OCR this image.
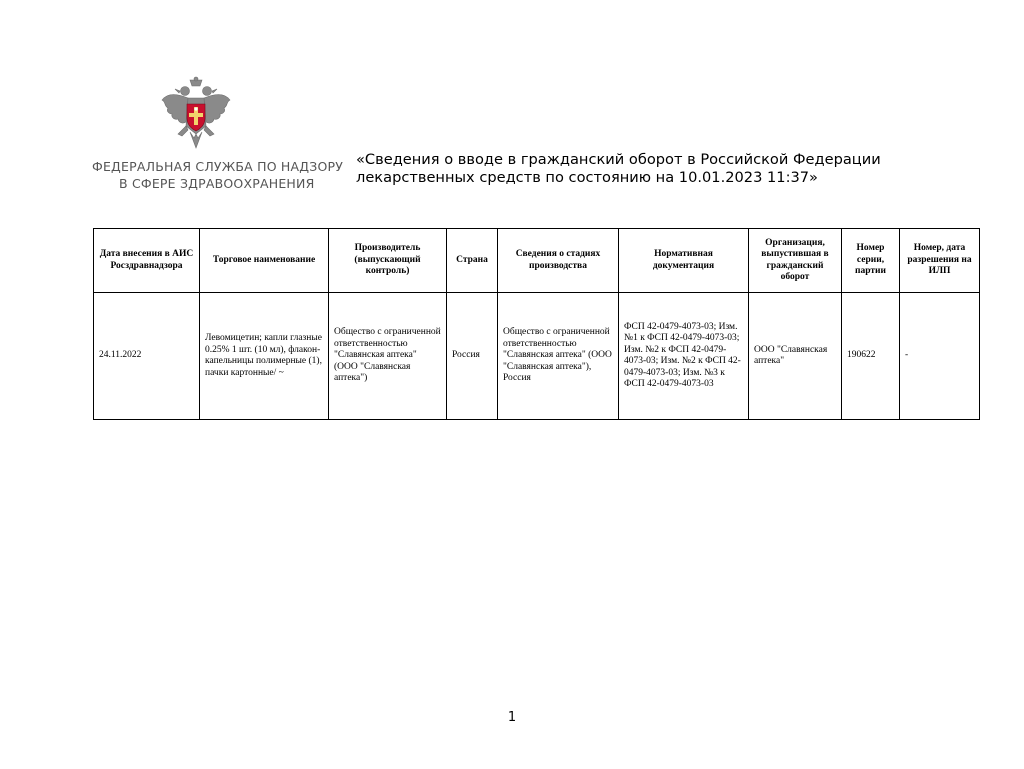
ФЕДЕРАЛЬНАЯ СЛУЖБА ПО НАДЗОРУ
В СФЕРЕ ЗДРАВООХРАНЕНИЯ
«Сведения о вводе в гражданский оборот в Российской Федерации лекарственных средств по состоянию на 10.01.2023 11:37»
Дата внесения в АИС Росздравнадзора	Торговое наименование	Производитель (выпускающий контроль)	Страна	Сведения о стадиях производства	Нормативная документация	Организация, выпустившая в гражданский оборот	Номер серии, партии	Номер, дата разрешения на ИЛП
24.11.2022	Левомицетин; капли глазные 0.25% 1 шт. (10 мл), флакон-капельницы полимерные (1), пачки картонные/ ~	Общество с ограниченной ответственностью "Славянская аптека" (ООО "Славянская аптека")	Россия	Общество с ограниченной ответственностью "Славянская аптека" (ООО "Славянская аптека"), Россия	ФСП 42-0479-4073-03; Изм. №1 к ФСП 42-0479-4073-03; Изм. №2 к ФСП 42-0479-4073-03; Изм. №2 к ФСП 42-0479-4073-03; Изм. №3 к ФСП 42-0479-4073-03	ООО "Славянская аптека"	190622	-
1
